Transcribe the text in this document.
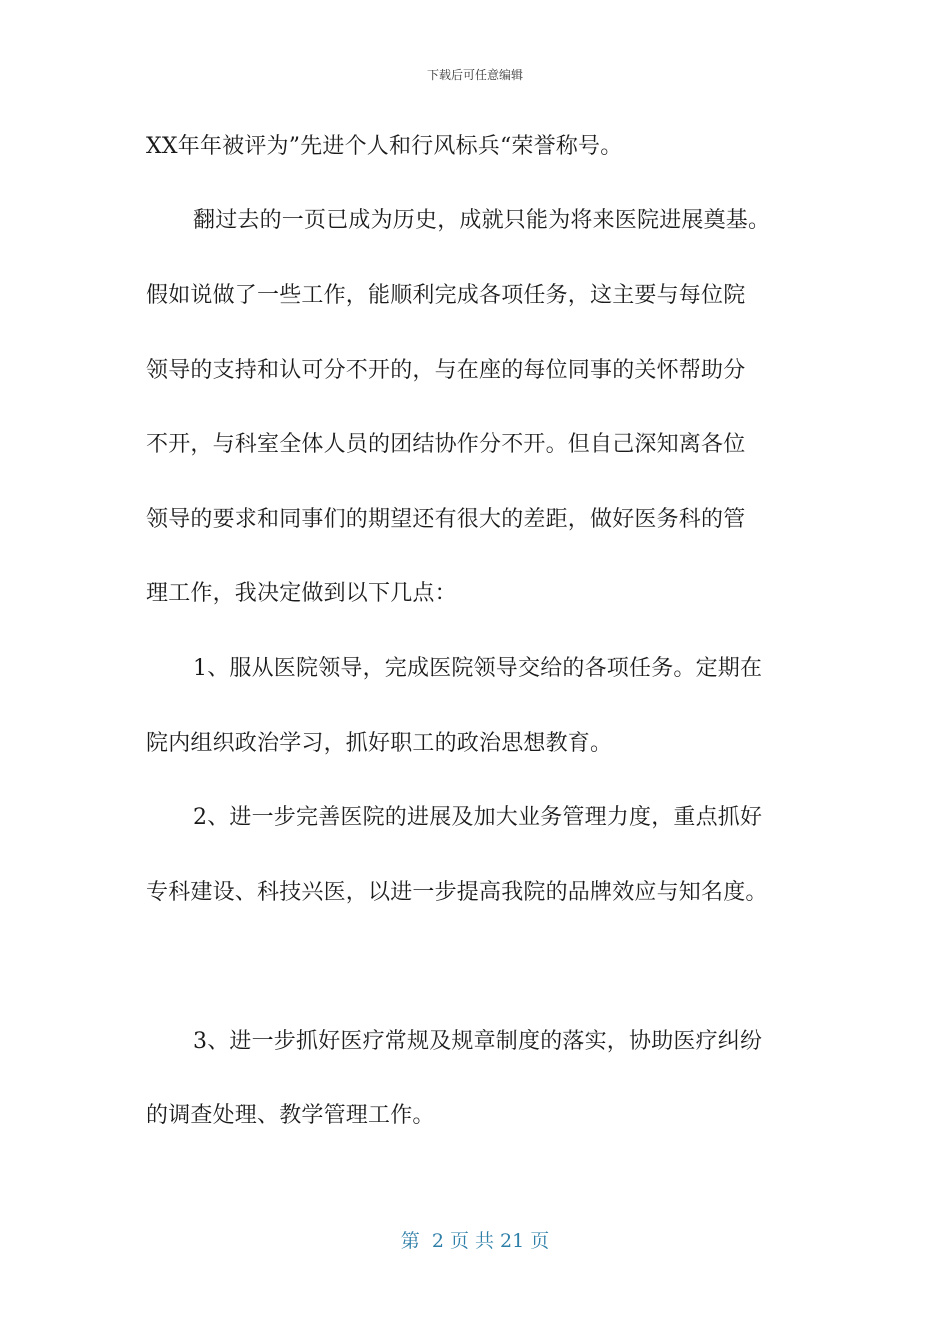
下载后可任意编辑
XX年年被评为”先进个人和行风标兵“荣誉称号。
翻过去的一页已成为历史，成就只能为将来医院进展奠基。
假如说做了一些工作，能顺利完成各项任务，这主要与每位院
领导的支持和认可分不开的，与在座的每位同事的关怀帮助分
不开，与科室全体人员的团结协作分不开。但自己深知离各位
领导的要求和同事们的期望还有很大的差距，做好医务科的管
理工作，我决定做到以下几点：
1、服从医院领导，完成医院领导交给的各项任务。定期在
院内组织政治学习，抓好职工的政治思想教育。
2、进一步完善医院的进展及加大业务管理力度，重点抓好
专科建设、科技兴医，以进一步提高我院的品牌效应与知名度。
3、进一步抓好医疗常规及规章制度的落实，协助医疗纠纷
的调查处理、教学管理工作。
第  2 页 共 21 页
